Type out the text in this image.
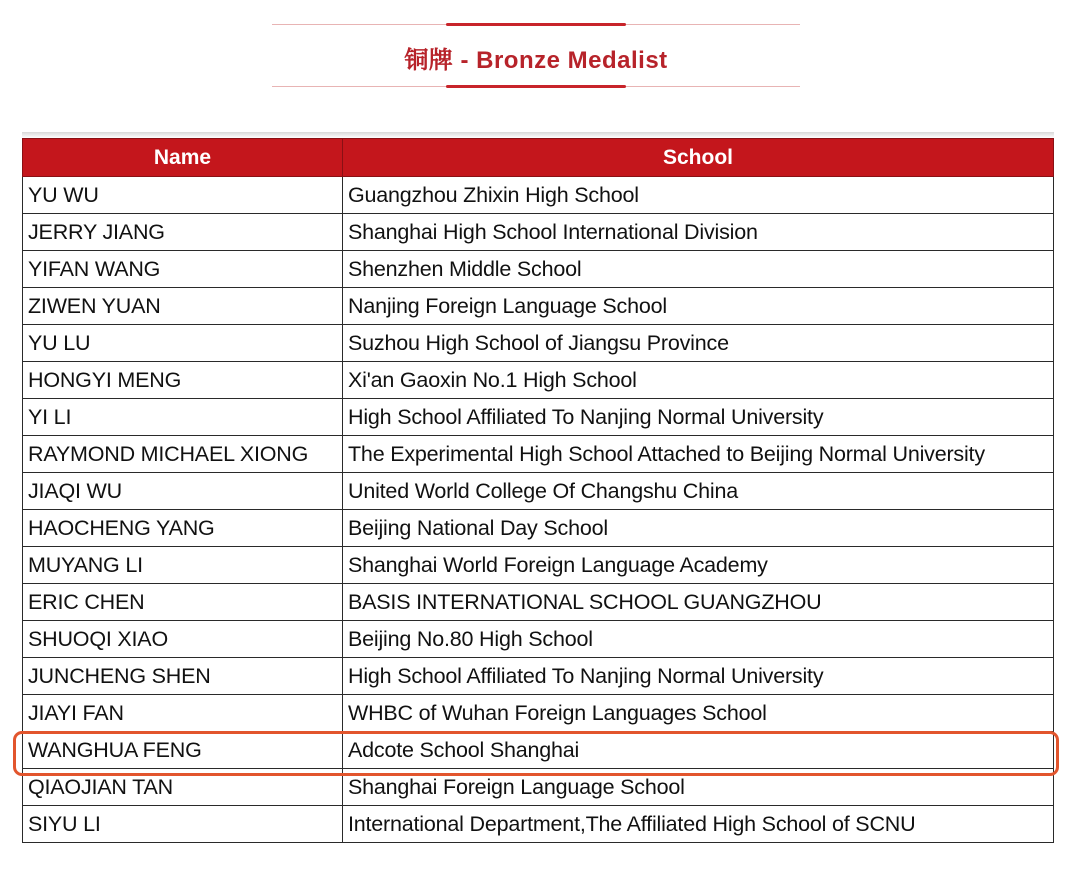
铜牌 - Bronze Medalist
Name	School
YU WU	Guangzhou Zhixin High School
JERRY JIANG	Shanghai High School International Division
YIFAN WANG	Shenzhen Middle School
ZIWEN YUAN	Nanjing Foreign Language School
YU LU	Suzhou High School of Jiangsu Province
HONGYI MENG	Xi'an Gaoxin No.1 High School
YI LI	High School Affiliated To Nanjing Normal University
RAYMOND MICHAEL XIONG	The Experimental High School Attached to Beijing Normal University
JIAQI WU	United World College Of Changshu China
HAOCHENG YANG	Beijing National Day School
MUYANG LI	Shanghai World Foreign Language Academy
ERIC CHEN	BASIS INTERNATIONAL SCHOOL GUANGZHOU
SHUOQI XIAO	Beijing No.80 High School
JUNCHENG SHEN	High School Affiliated To Nanjing Normal University
JIAYI FAN	WHBC of Wuhan Foreign Languages School
WANGHUA FENG	Adcote School Shanghai
QIAOJIAN TAN	Shanghai Foreign Language School
SIYU LI	International Department,The Affiliated High School of SCNU
